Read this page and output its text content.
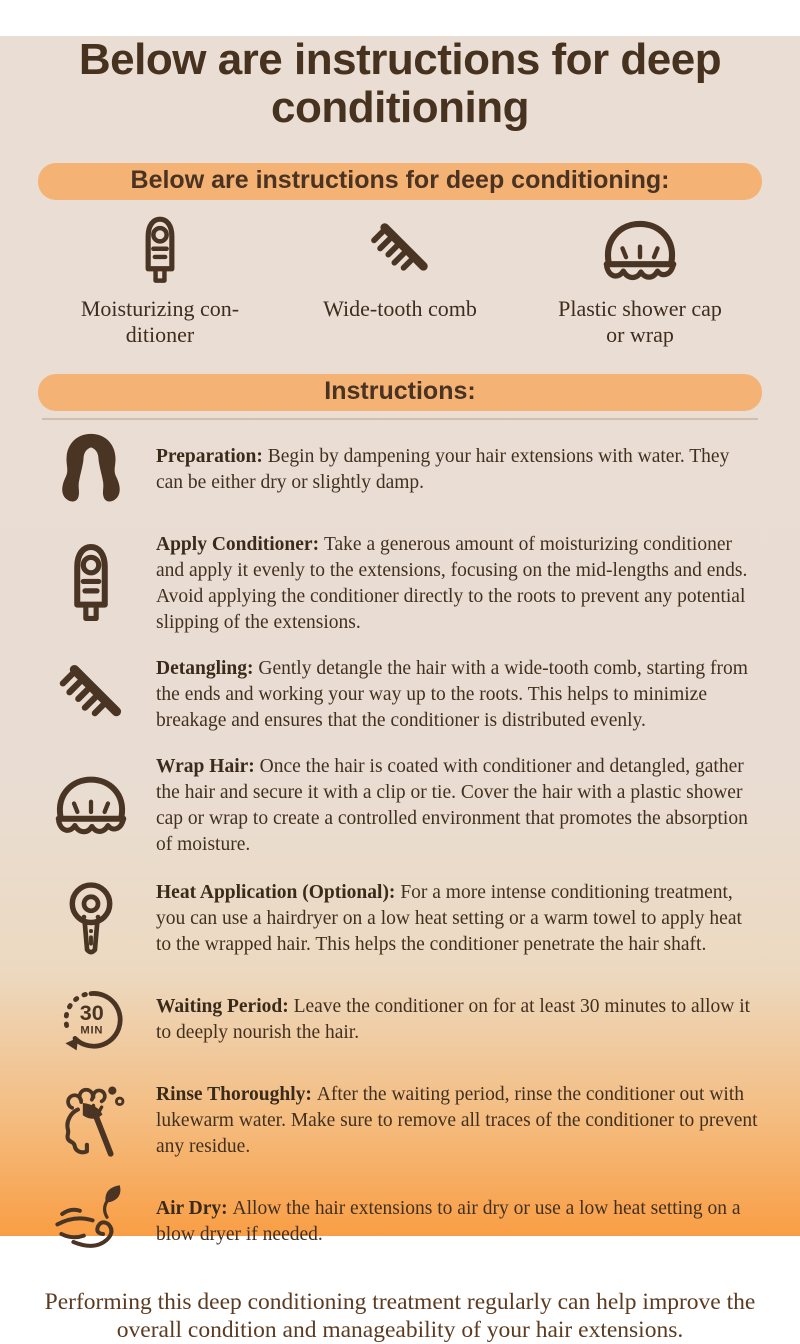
Below are instructions for deep conditioning
Below are instructions for deep conditioning:
Moisturizing con-
ditioner
Wide-tooth comb	Plastic shower cap
or wrap
Instructions:
Preparation: Begin by dampening your hair extensions with water. They can be either dry or slightly damp.
Apply Conditioner: Take a generous amount of moisturizing conditioner and apply it evenly to the extensions, focusing on the mid-lengths and ends. Avoid applying the conditioner directly to the roots to prevent any potential slipping of the extensions.
Detangling: Gently detangle the hair with a wide-tooth comb, starting from the ends and working your way up to the roots. This helps to minimize breakage and ensures that the conditioner is distributed evenly.
Wrap Hair: Once the hair is coated with conditioner and detangled, gather the hair and secure it with a clip or tie. Cover the hair with a plastic shower cap or wrap to create a controlled environment that promotes the absorption of moisture.
Heat Application (Optional): For a more intense conditioning treatment, you can use a hairdryer on a low heat setting or a warm towel to apply heat to the wrapped hair. This helps the conditioner penetrate the hair shaft.
30
MIN
Waiting Period: Leave the conditioner on for at least 30 minutes to allow it to deeply nourish the hair.
Rinse Thoroughly: After the waiting period, rinse the conditioner out with lukewarm water. Make sure to remove all traces of the conditioner to prevent any residue.
Air Dry: Allow the hair extensions to air dry or use a low heat setting on a blow dryer if needed.
Performing this deep conditioning treatment regularly can help improve the overall condition and manageability of your hair extensions.
